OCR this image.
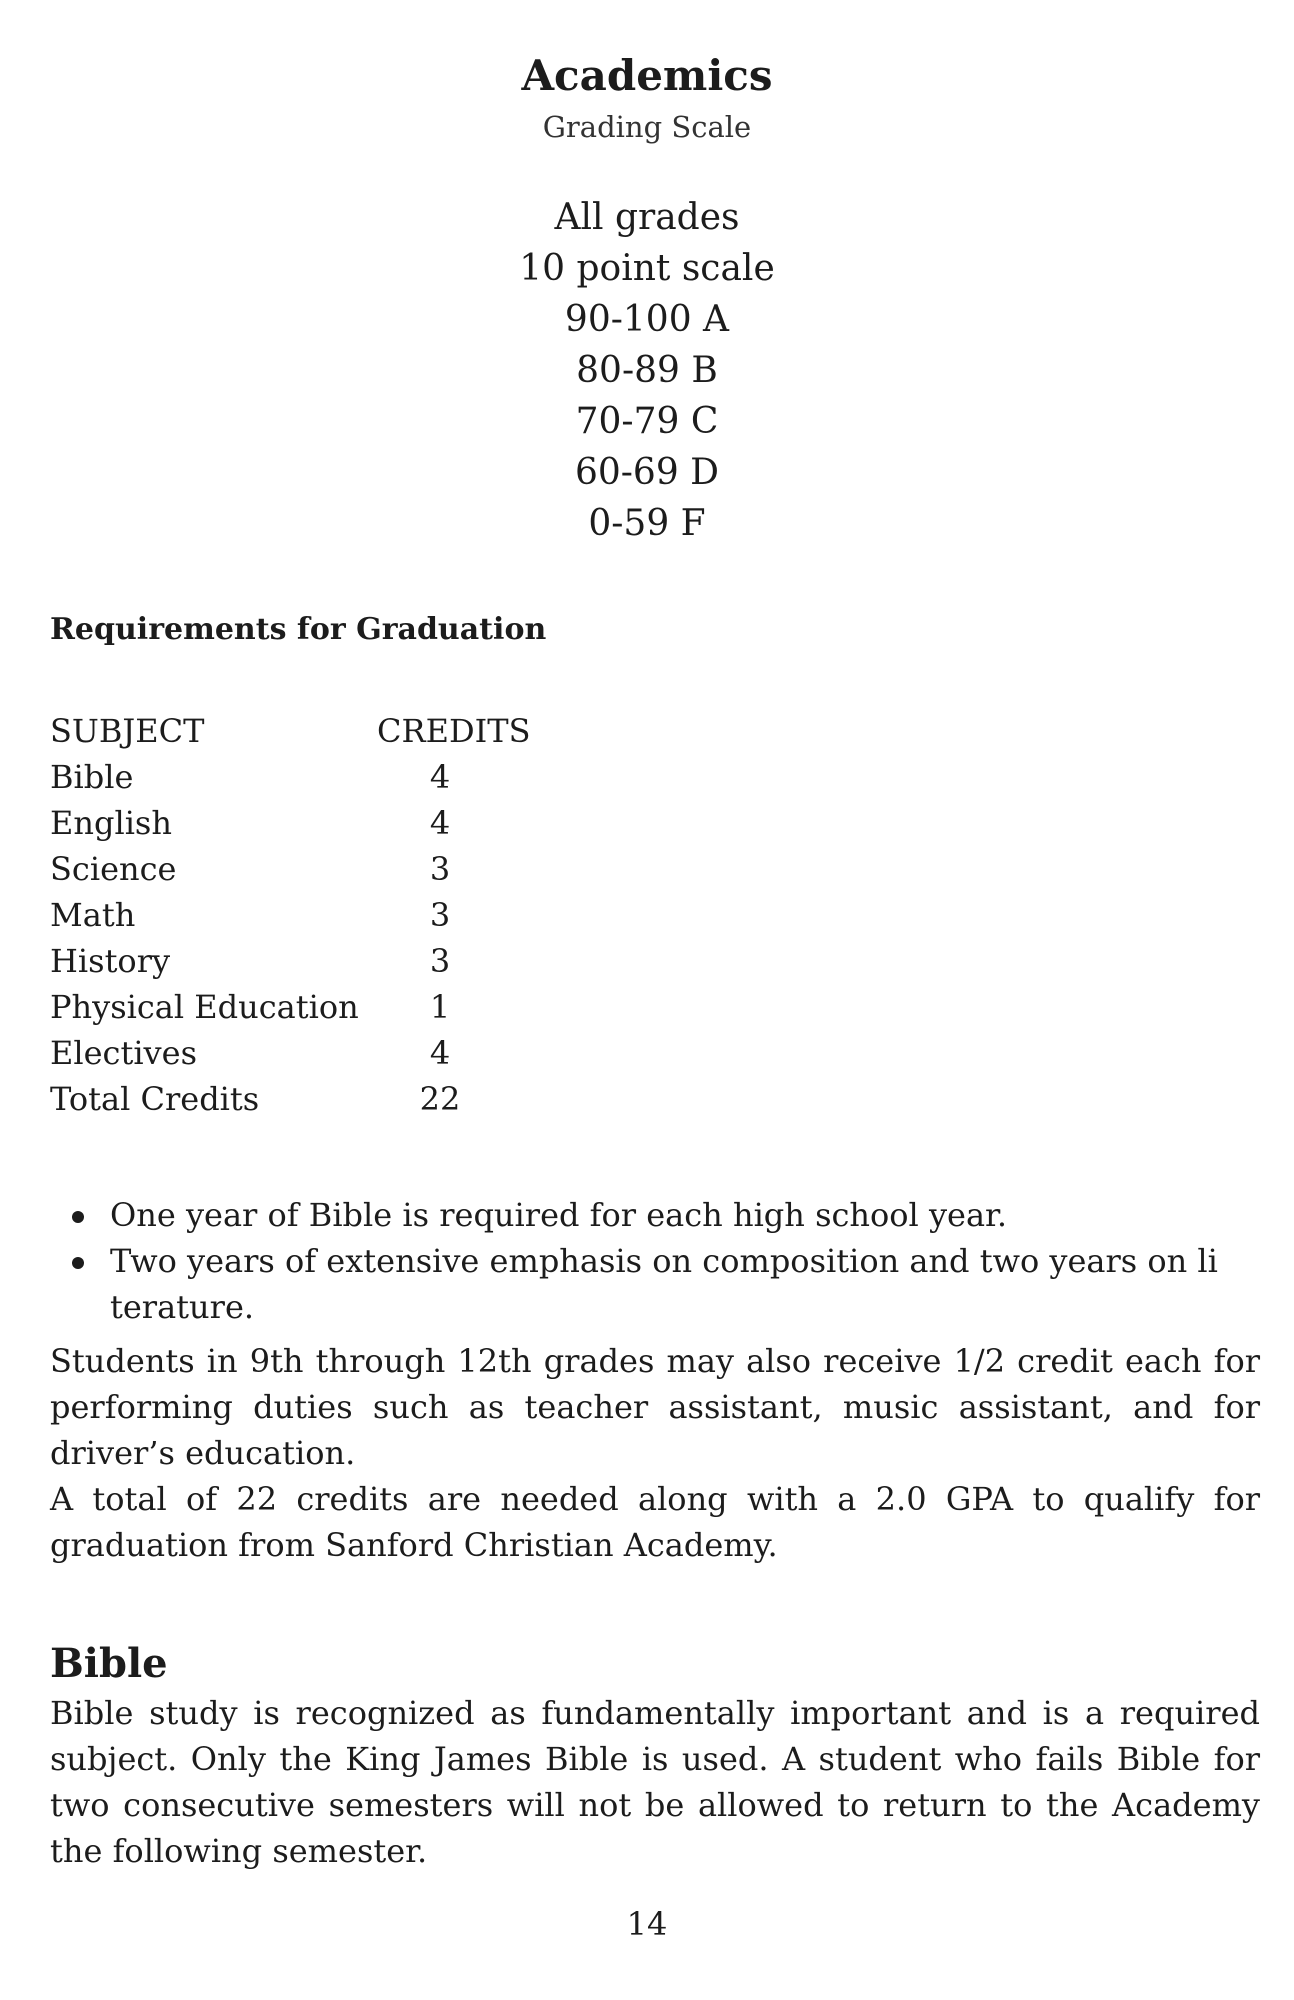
Academics
Grading Scale
All grades
10 point scale
90-100 A
80-89 B
70-79 C
60-69 D
0-59 F
Requirements for Graduation
SUBJECT	CREDITS
Bible	4
English	4
Science	3
Math	3
History	3
Physical Education 1
Electives	4
Total Credits	22
One year of Bible is required for each high school year.
Two years of extensive emphasis on composition and two years on li terature.
Students in 9th through 12th grades may also receive 1/2 credit each for performing duties such as teacher assistant, music assistant, and for driver’s education.
A total of 22 credits are needed along with a 2.0 GPA to qualify for graduation from Sanford Christian Academy.
Bible
Bible study is recognized as fundamentally important and is a required subject. Only the King James Bible is used. A student who fails Bible for two consecutive semesters will not be allowed to return to the Academy the following semester.
14
